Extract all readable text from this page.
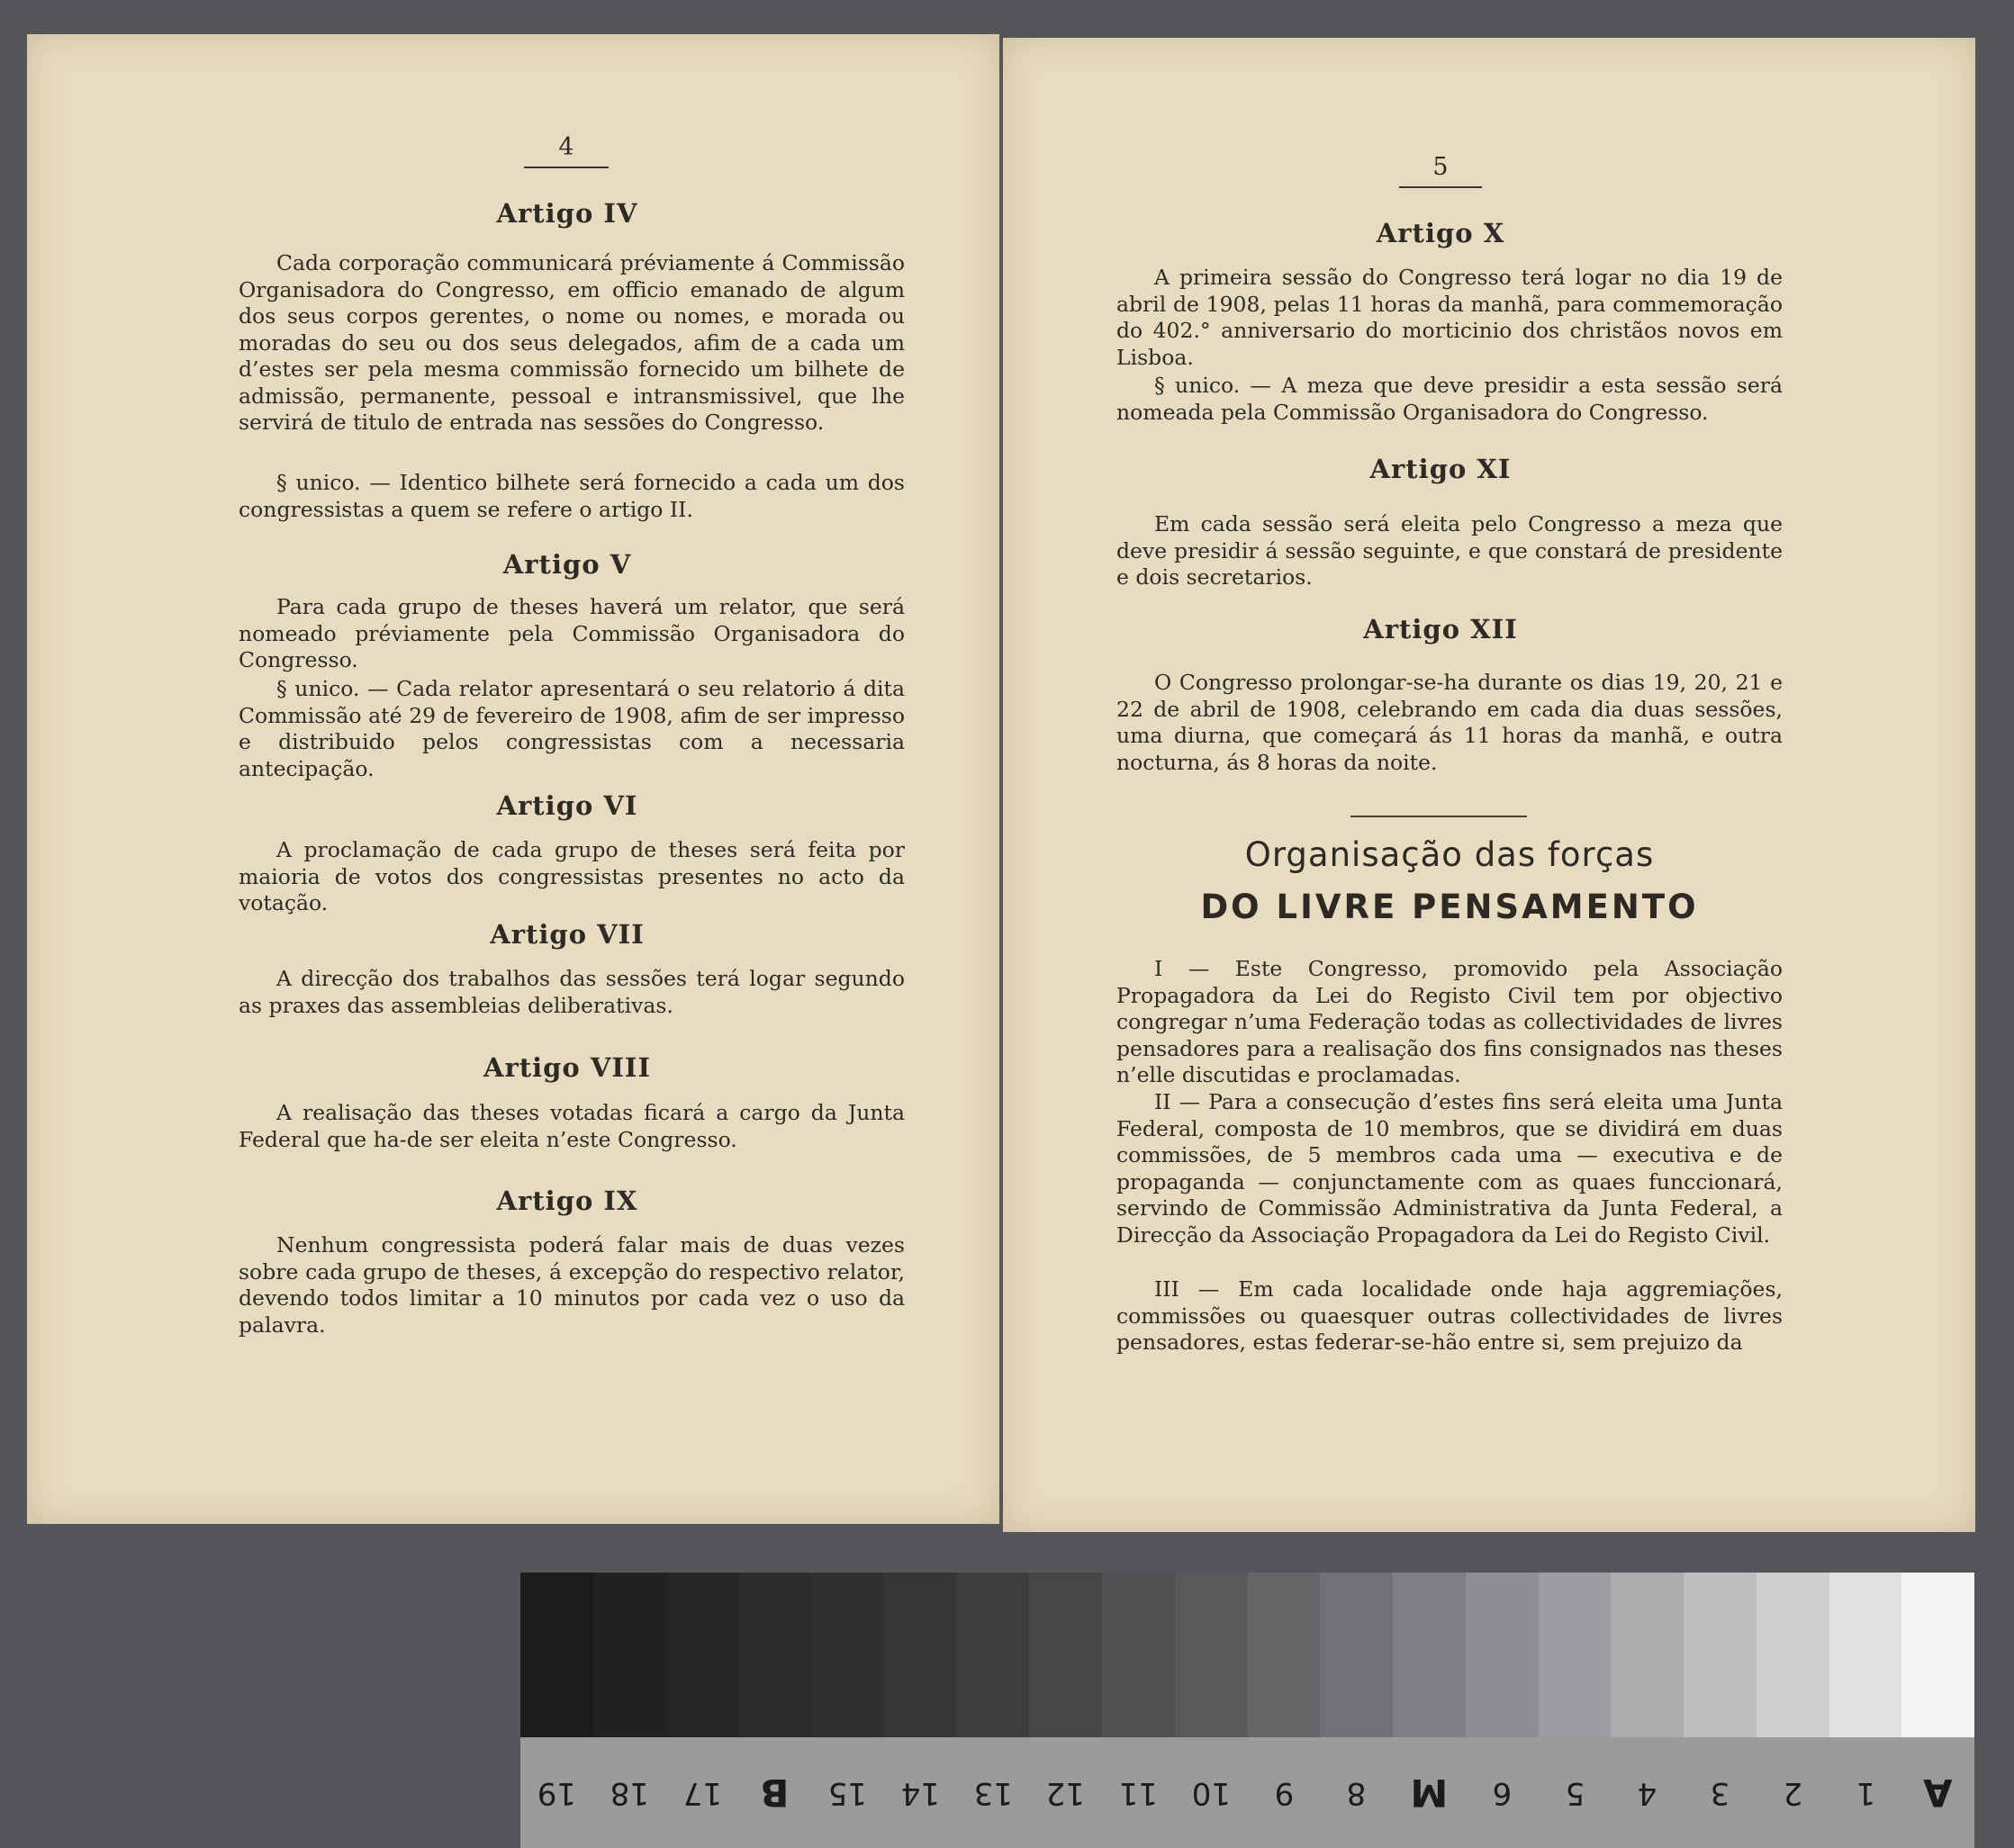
4
Artigo IV

Cada corporação communicará préviamente á Commissão Organisadora do Congresso, em officio emanado de algum dos seus corpos gerentes, o nome ou nomes, e morada ou moradas do seu ou dos seus delegados, afim de a cada um d’estes ser pela mesma commissão fornecido um bilhete de admissão, permanente, pessoal e intransmissivel, que lhe servirá de titulo de entrada nas sessões do Congresso.

§ unico. — Identico bilhete será fornecido a cada um dos congressistas a quem se refere o artigo II.

Artigo V

Para cada grupo de theses haverá um relator, que será nomeado préviamente pela Commissão Organisadora do Congresso.

§ unico. — Cada relator apresentará o seu relatorio á dita Commissão até 29 de fevereiro de 1908, afim de ser impresso e distribuido pelos congressistas com a necessaria antecipação.

Artigo VI

A proclamação de cada grupo de theses será feita por maioria de votos dos congressistas presentes no acto da votação.

Artigo VII

A direcção dos trabalhos das sessões terá logar segundo as praxes das assembleias deliberativas.

Artigo VIII

A realisação das theses votadas ficará a cargo da Junta Federal que ha-de ser eleita n’este Congresso.

Artigo IX

Nenhum congressista poderá falar mais de duas vezes sobre cada grupo de theses, á excepção do respectivo relator, devendo todos limitar a 10 minutos por cada vez o uso da palavra.

5
Artigo X

A primeira sessão do Congresso terá logar no dia 19 de abril de 1908, pelas 11 horas da manhã, para commemoração do 402.° anniversario do morticinio dos christãos novos em Lisboa.

§ unico. — A meza que deve presidir a esta sessão será nomeada pela Commissão Organisadora do Congresso.

Artigo XI

Em cada sessão será eleita pelo Congresso a meza que deve presidir á sessão seguinte, e que constará de presidente e dois secretarios.

Artigo XII

O Congresso prolongar-se-ha durante os dias 19, 20, 21 e 22 de abril de 1908, celebrando em cada dia duas sessões, uma diurna, que começará ás 11 horas da manhã, e outra nocturna, ás 8 horas da noite.

Organisação das forças
DO LIVRE PENSAMENTO

I — Este Congresso, promovido pela Associação Propagadora da Lei do Registo Civil tem por objectivo congregar n’uma Federação todas as collectividades de livres pensadores para a realisação dos fins consignados nas theses n’elle discutidas e proclamadas.

II — Para a consecução d’estes fins será eleita uma Junta Federal, composta de 10 membros, que se dividirá em duas commissões, de 5 membros cada uma — executiva e de propaganda — conjunctamente com as quaes funccionará, servindo de Commissão Administrativa da Junta Federal, a Direcção da Associação Propagadora da Lei do Registo Civil.

III — Em cada localidade onde haja aggremiações, commissões ou quaesquer outras collectividades de livres pensadores, estas federar-se-hão entre si, sem prejuizo da

19	18	17	B	15	14	13	12	11	10	9	8	M	6	5	4	3	2	1	A
